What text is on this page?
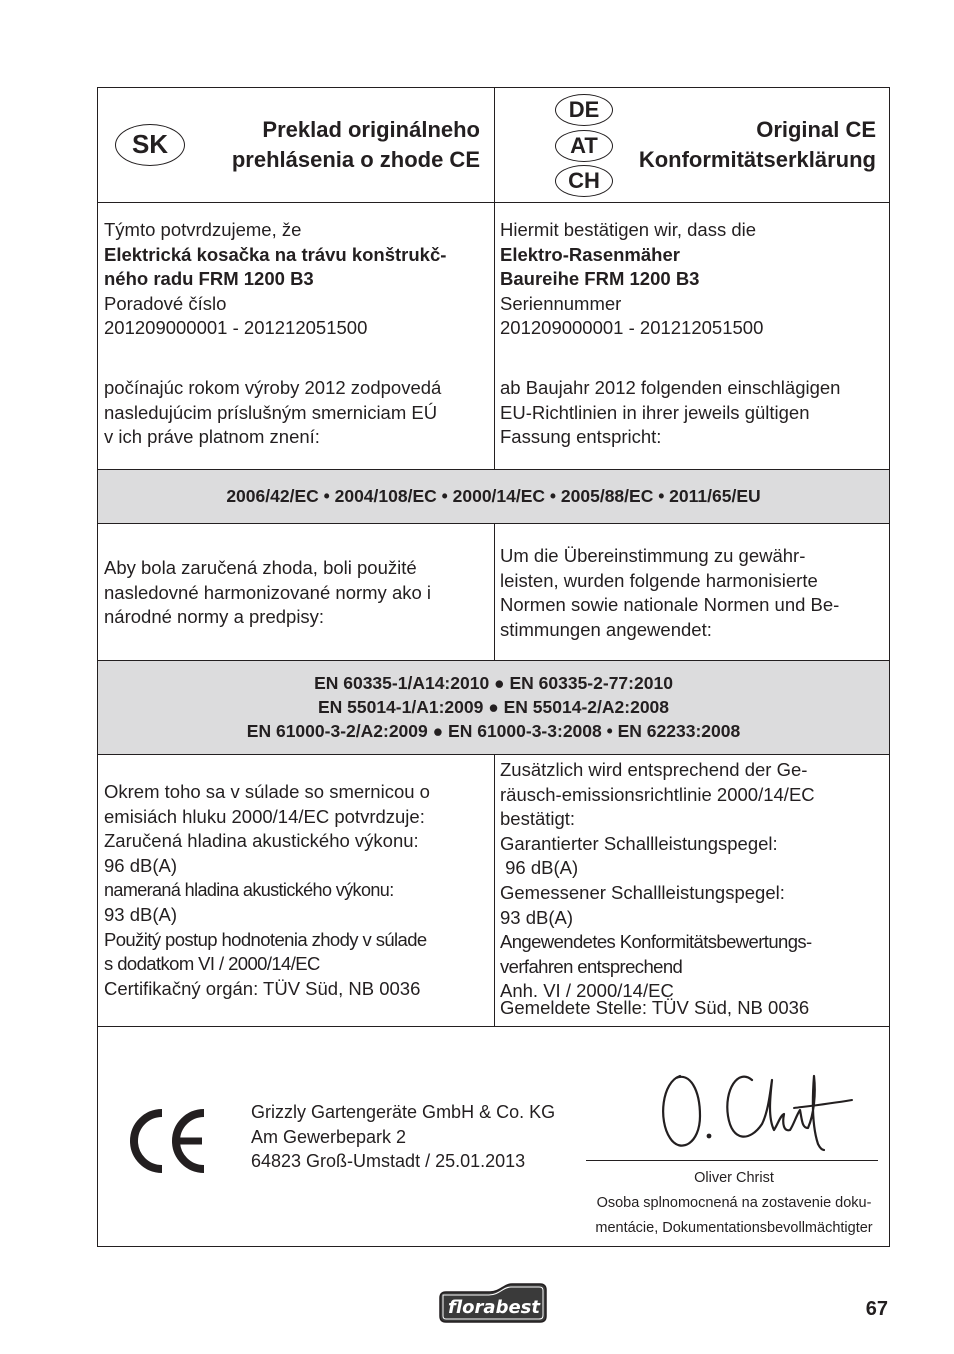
2006/42/EC • 2004/108/EC • 2000/14/EC • 2005/88/EC • 2011/65/EU
EN 60335-1/A14:2010 ● EN 60335-2-77:2010
EN 55014-1/A1:2009 ● EN 55014-2/A2:2008
EN 61000-3-2/A2:2009 ● EN 61000-3-3:2008 • EN 62233:2008
SK	Preklad originálneho
prehlásenia o zhode CE
DE
AT
CH
Original CE
Konformitätserklärung
Týmto potvrdzujeme, že
Elektrická kosačka na trávu konštrukč-
ného radu FRM 1200 B3
Poradové číslo
201209000001 - 201212051500
počínajúc rokom výroby 2012 zodpovedá
nasledujúcim príslušným smerniciam EÚ
v ich práve platnom znení:
Hiermit bestätigen wir, dass die
Elektro-Rasenmäher
Baureihe FRM 1200 B3
Seriennummer
201209000001 - 201212051500
ab Baujahr 2012 folgenden einschlägigen
EU-Richtlinien in ihrer jeweils gültigen
Fassung entspricht:
Aby bola zaručená zhoda, boli použité
nasledovné harmonizované normy ako i
národné normy a predpisy:
Um die Übereinstimmung zu gewähr-
leisten, wurden folgende harmonisierte
Normen sowie nationale Normen und Be-
stimmungen angewendet:
Okrem toho sa v súlade so smernicou o
emisiách hluku 2000/14/EC potvrdzuje:
Zaručená hladina akustického výkonu:
96 dB(A)
nameraná hladina akustického výkonu:
93 dB(A)
Použitý postup hodnotenia zhody v súlade
s dodatkom VI / 2000/14/EC
Certifikačný orgán: TÜV Süd, NB 0036
Zusätzlich wird entsprechend der Ge-
räusch-emissionsrichtlinie 2000/14/EC
bestätigt:
Garantierter Schallleistungspegel:
96 dB(A)
Gemessener Schallleistungspegel:
93 dB(A)
Angewendetes Konformitätsbewertungs-
verfahren entsprechend
Anh. VI / 2000/14/EC
Gemeldete Stelle: TÜV Süd, NB 0036
Grizzly Gartengeräte GmbH & Co. KG
Am Gewerbepark 2
64823 Groß-Umstadt / 25.01.2013
Oliver Christ
Osoba splnomocnená na zostavenie doku-
mentácie, Dokumentationsbevollmächtigter
florabest	67
